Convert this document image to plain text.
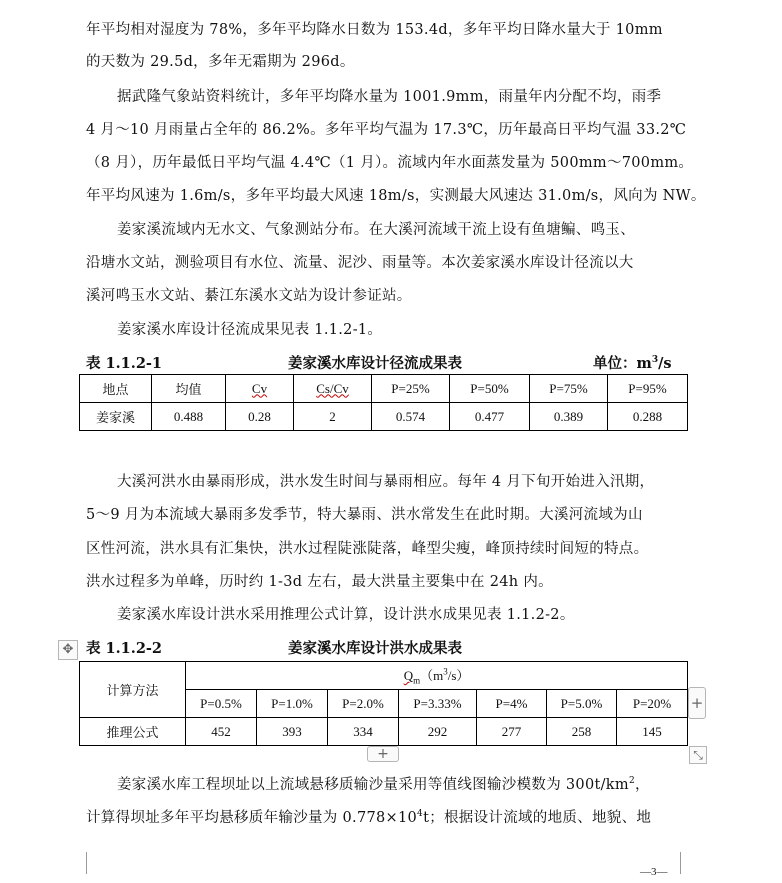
年平均相对湿度为 78%，多年平均降水日数为 153.4d，多年平均日降水量大于 10mm
的天数为 29.5d，多年无霜期为 296d。
据武隆气象站资料统计，多年平均降水量为 1001.9mm，雨量年内分配不均，雨季
4 月～10 月雨量占全年的 86.2%。多年平均气温为 17.3℃，历年最高日平均气温 33.2℃
（8 月），历年最低日平均气温 4.4℃（1 月）。流域内年水面蒸发量为 500mm～700mm。
年平均风速为 1.6m/s，多年平均最大风速 18m/s，实测最大风速达 31.0m/s，风向为 NW。
姜家溪流域内无水文、气象测站分布。在大溪河流域干流上设有鱼塘鳊、鸣玉、
沿塘水文站，测验项目有水位、流量、泥沙、雨量等。本次姜家溪水库设计径流以大
溪河鸣玉水文站、綦江东溪水文站为设计参证站。
姜家溪水库设计径流成果见表 1.1.2-1。
表 1.1.2-1	姜家溪水库设计径流成果表	单位：$m^3/s$
地点	均值	Cv	Cs/Cv	P=25%	P=50%	P=75%	P=95%
姜家溪	0.488	0.28	2	0.574	0.477	0.389	0.288
大溪河洪水由暴雨形成，洪水发生时间与暴雨相应。每年 4 月下旬开始进入汛期，
5～9 月为本流域大暴雨多发季节，特大暴雨、洪水常发生在此时期。大溪河流域为山
区性河流，洪水具有汇集快，洪水过程陡涨陡落，峰型尖瘦，峰顶持续时间短的特点。
洪水过程多为单峰，历时约 1-3d 左右，最大洪量主要集中在 24h 内。
姜家溪水库设计洪水采用推理公式计算，设计洪水成果见表 1.1.2-2。
✥ 表 1.1.2-2	姜家溪水库设计洪水成果表
计算方法	$Q_m(m^3/s)$						
	P=0.5%	P=1.0%	P=2.0%	P=3.33%	P=4%	P=5.0%	P=20%
推理公式	452	393	334	292	277	258	145
+
+	⤡
姜家溪水库工程坝址以上流域悬移质输沙量采用等值线图输沙模数为 $300t/km^2$，
计算得坝址多年平均悬移质年输沙量为 $0.778\times 10^4t$；根据设计流域的地质、地貌、地
—3—
